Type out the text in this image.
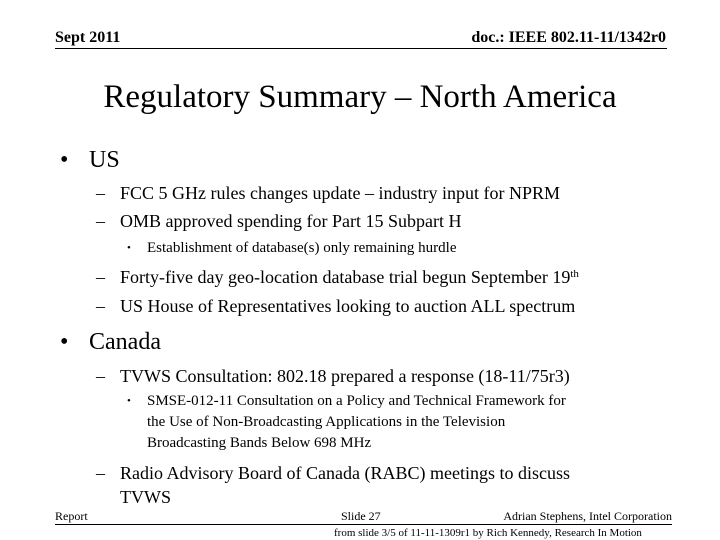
Sept 2011	doc.: IEEE 802.11-11/1342r0
Regulatory Summary – North America
• US
– FCC 5 GHz rules changes update – industry input for NPRM
– OMB approved spending for Part 15 Subpart H
• Establishment of database(s) only remaining hurdle
– Forty-five day geo-location database trial begun September 19th
– US House of Representatives looking to auction ALL spectrum
• Canada
– TVWS Consultation: 802.18 prepared a response (18-11/75r3)
• SMSE-012-11 Consultation on a Policy and Technical Framework for
the Use of Non-Broadcasting Applications in the Television
Broadcasting Bands Below 698 MHz
– Radio Advisory Board of Canada (RABC) meetings to discuss
TVWS
Report	Slide 27
from slide 3/5 of 11-11-1309r1 by Rich Kennedy, Research In Motion
Adrian Stephens, Intel Corporation
